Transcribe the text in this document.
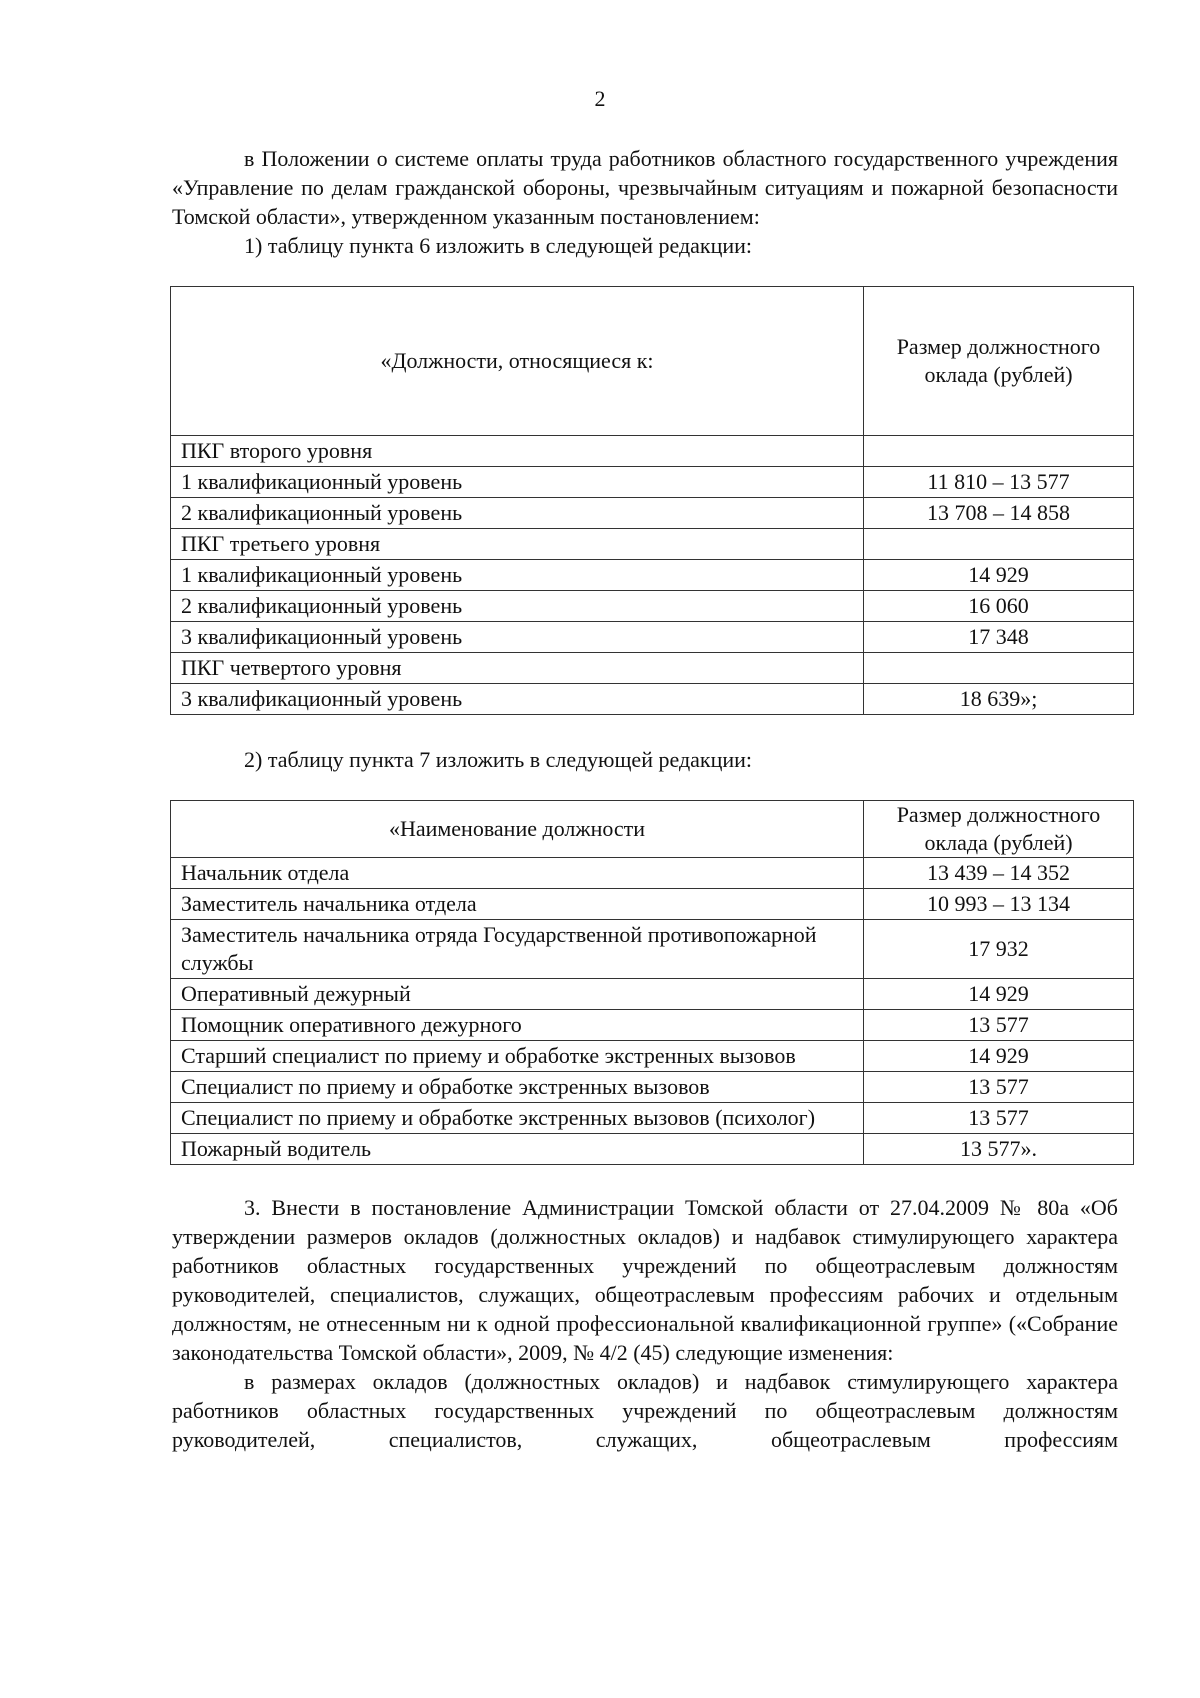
2

в Положении о системе оплаты труда работников областного государственного учреждения «Управление по делам гражданской обороны, чрезвычайным ситуациям и пожарной безопасности Томской области», утвержденном указанным постановлением:

1) таблицу пункта 6 изложить в следующей редакции:

«Должности, относящиеся к:	Размер должностного оклада (рублей)
ПКГ второго уровня	
1 квалификационный уровень	11 810 – 13 577
2 квалификационный уровень	13 708 – 14 858
ПКГ третьего уровня	
1 квалификационный уровень	14 929
2 квалификационный уровень	16 060
3 квалификационный уровень	17 348
ПКГ четвертого уровня	
3 квалификационный уровень	18 639»;

2) таблицу пункта 7 изложить в следующей редакции:

«Наименование должности	Размер должностного оклада (рублей)
Начальник отдела	13 439 – 14 352
Заместитель начальника отдела	10 993 – 13 134
Заместитель начальника отряда Государственной противопожарной службы	17 932
Оперативный дежурный	14 929
Помощник оперативного дежурного	13 577
Старший специалист по приему и обработке экстренных вызовов	14 929
Специалист по приему и обработке экстренных вызовов	13 577
Специалист по приему и обработке экстренных вызовов (психолог)	13 577
Пожарный водитель	13 577».

3. Внести в постановление Администрации Томской области от 27.04.2009 № 80а «Об утверждении размеров окладов (должностных окладов) и надбавок стимулирующего характера работников областных государственных учреждений по общеотраслевым должностям руководителей, специалистов, служащих, общеотраслевым профессиям рабочих и отдельным должностям, не отнесенным ни к одной профессиональной квалификационной группе» («Собрание законодательства Томской области», 2009, № 4/2 (45) следующие изменения:

в размерах окладов (должностных окладов) и надбавок стимулирующего характера работников областных государственных учреждений по общеотраслевым должностям руководителей, специалистов, служащих, общеотраслевым профессиям
